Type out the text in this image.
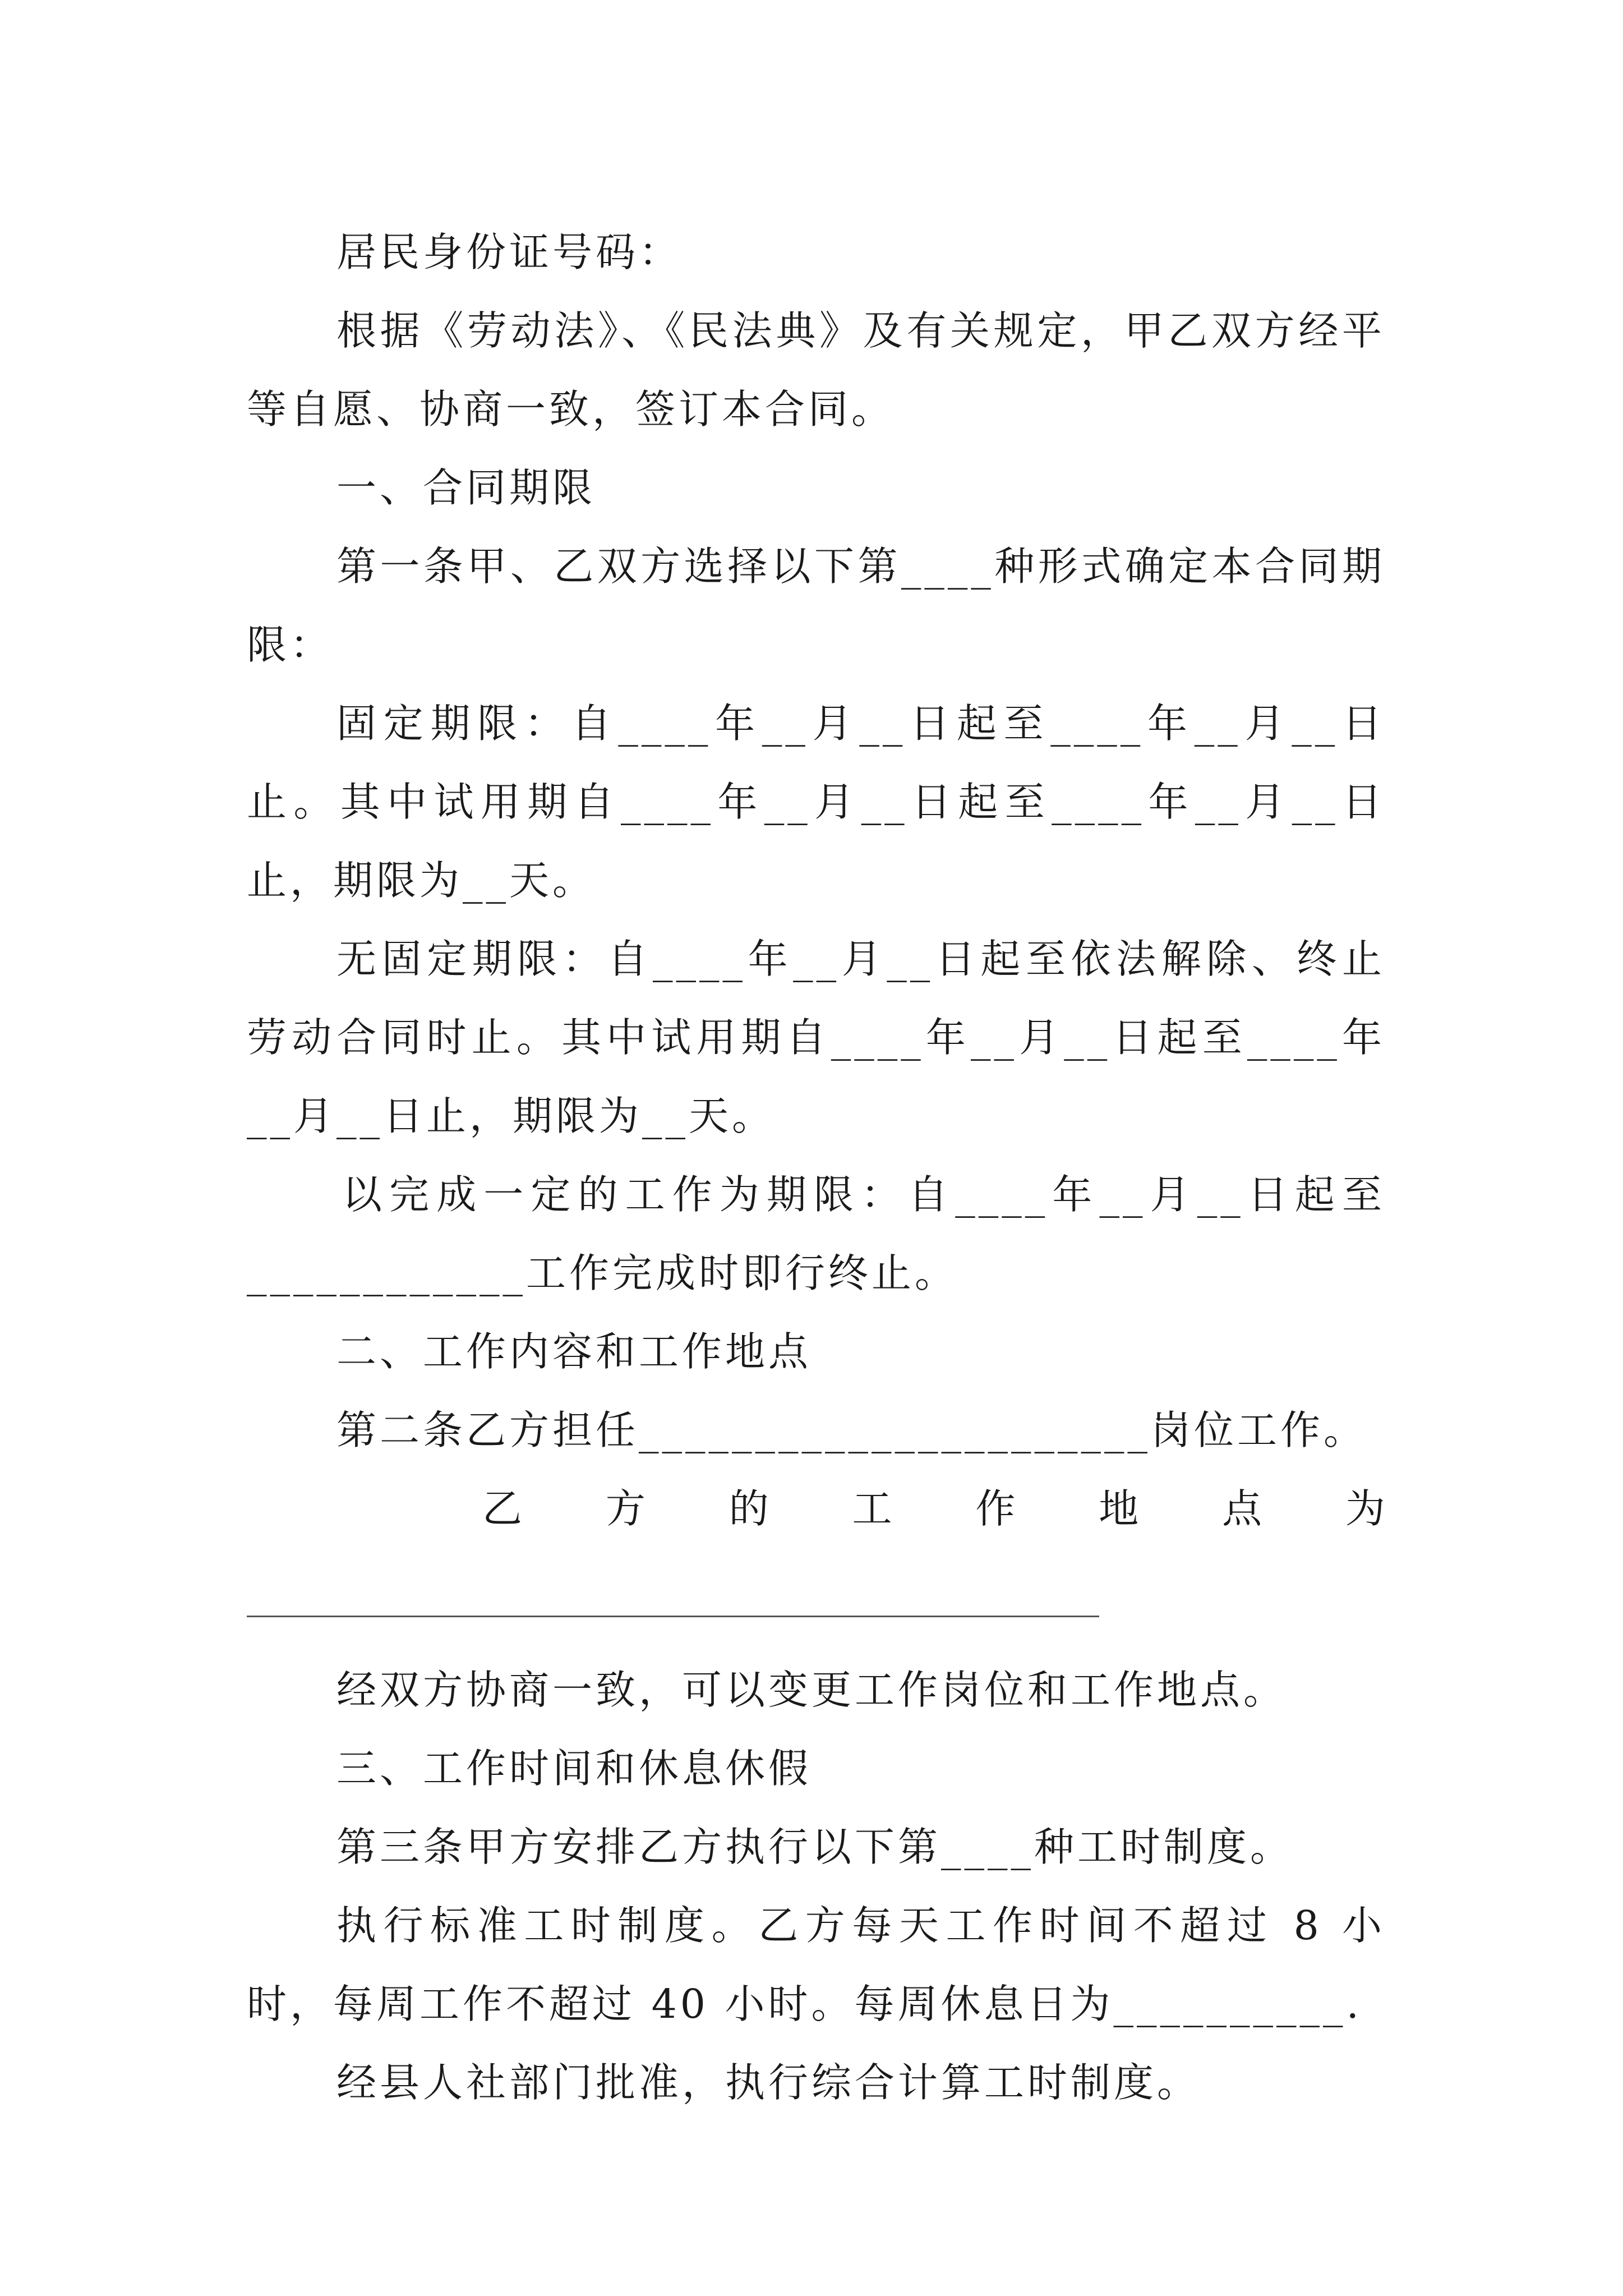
居民身份证号码：

根据《劳动法》、《民法典》及有关规定，甲乙双方经平等自愿、协商一致，签订本合同。

一、合同期限

第一条甲、乙双方选择以下第____种形式确定本合同期限：

固定期限：自____年__月__日起至____年__月__日止。其中试用期自____年__月__日起至____年__月__日止，期限为__天。

无固定期限：自____年__月__日起至依法解除、终止劳动合同时止。其中试用期自____年__月__日起至____年__月__日止，期限为__天。

以完成一定的工作为期限：自____年__月__日起至____________工作完成时即行终止。

二、工作内容和工作地点

第二条乙方担任______________________岗位工作。

乙 方 的 工 作 地 点 为

经双方协商一致，可以变更工作岗位和工作地点。

三、工作时间和休息休假

第三条甲方安排乙方执行以下第____种工时制度。

执行标准工时制度。乙方每天工作时间不超过 8 小时，每周工作不超过 40 小时。每周休息日为__________.

经县人社部门批准，执行综合计算工时制度。
